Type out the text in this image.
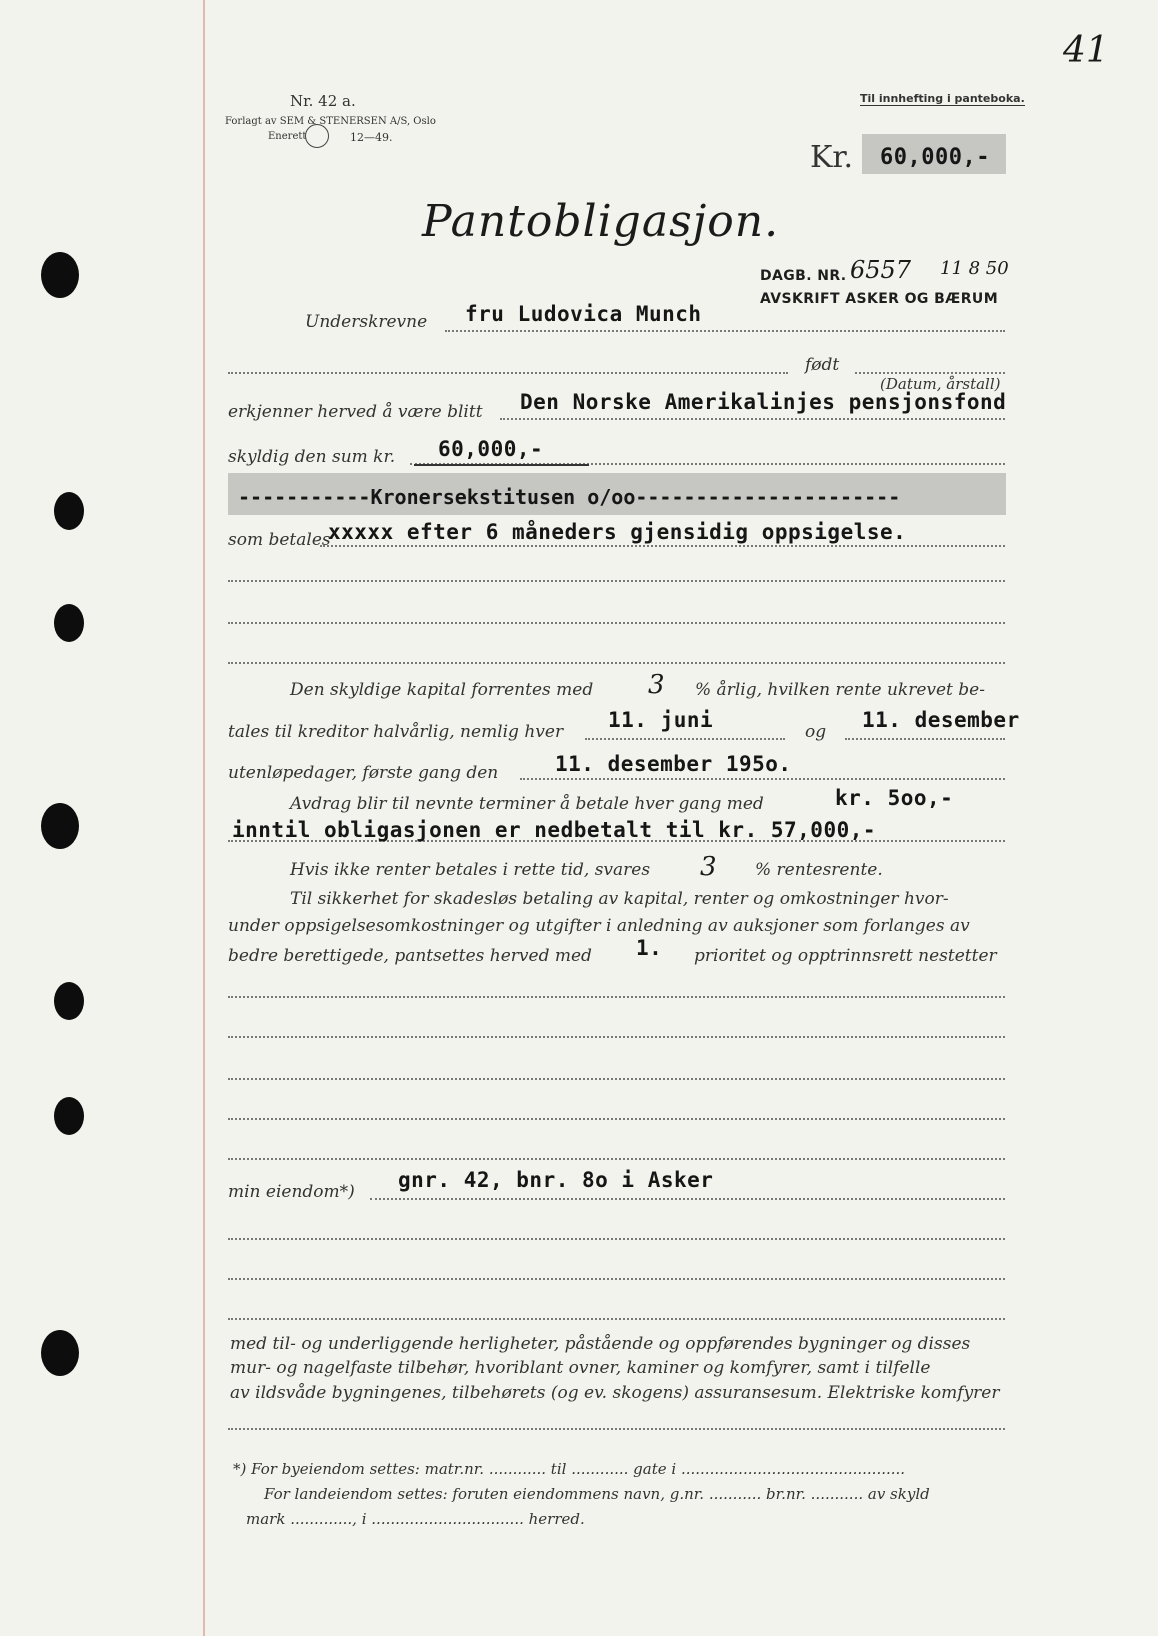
41
Nr. 42 a.
Forlagt av SEM & STENERSEN A/S, Oslo
Enerett	12—49.
Til innhefting i panteboka.
Kr. 60,000,-
Pantobligasjon.
DAGB. NR. 6557 11 8 50
AVSKRIFT ASKER OG BÆRUM
Underskrevne fru Ludovica Munch
født
(Datum, årstall)
erkjenner herved å være blitt Den Norske Amerikalinjes pensjonsfond
skyldig den sum kr. 60,000,-
-----------Kronersekstitusen o/oo----------------------
som betales
xxxxx efter 6 måneders gjensidig oppsigelse.
Den skyldige kapital forrentes med 3 % årlig, hvilken rente ukrevet be-
tales til kreditor halvårlig, nemlig hver 11. juni	og 11. desember
utenløpedager, første gang den	11. desember 195o.
Avdrag blir til nevnte terminer å betale hver gang med	kr. 5oo,-
inntil obligasjonen er nedbetalt til kr. 57,000,-
Hvis ikke renter betales i rette tid, svares 3 % rentesrente.
Til sikkerhet for skadesløs betaling av kapital, renter og omkostninger hvor-
under oppsigelsesomkostninger og utgifter i anledning av auksjoner som forlanges av
bedre berettigede, pantsettes herved med 1. prioritet og opptrinnsrett nestetter
min eiendom*) gnr. 42, bnr. 8o i Asker
med til- og underliggende herligheter, påstående og oppførendes bygninger og disses
mur- og nagelfaste tilbehør, hvoriblant ovner, kaminer og komfyrer, samt i tilfelle
av ildsvåde bygningenes, tilbehørets (og ev. skogens) assuransesum. Elektriske komfyrer
*) For byeiendom settes: matr.nr. ............ til ............ gate i ...............................................
For landeiendom settes: foruten eiendommens navn, g.nr. ........... br.nr. ........... av skyld
mark ............., i ................................ herred.
